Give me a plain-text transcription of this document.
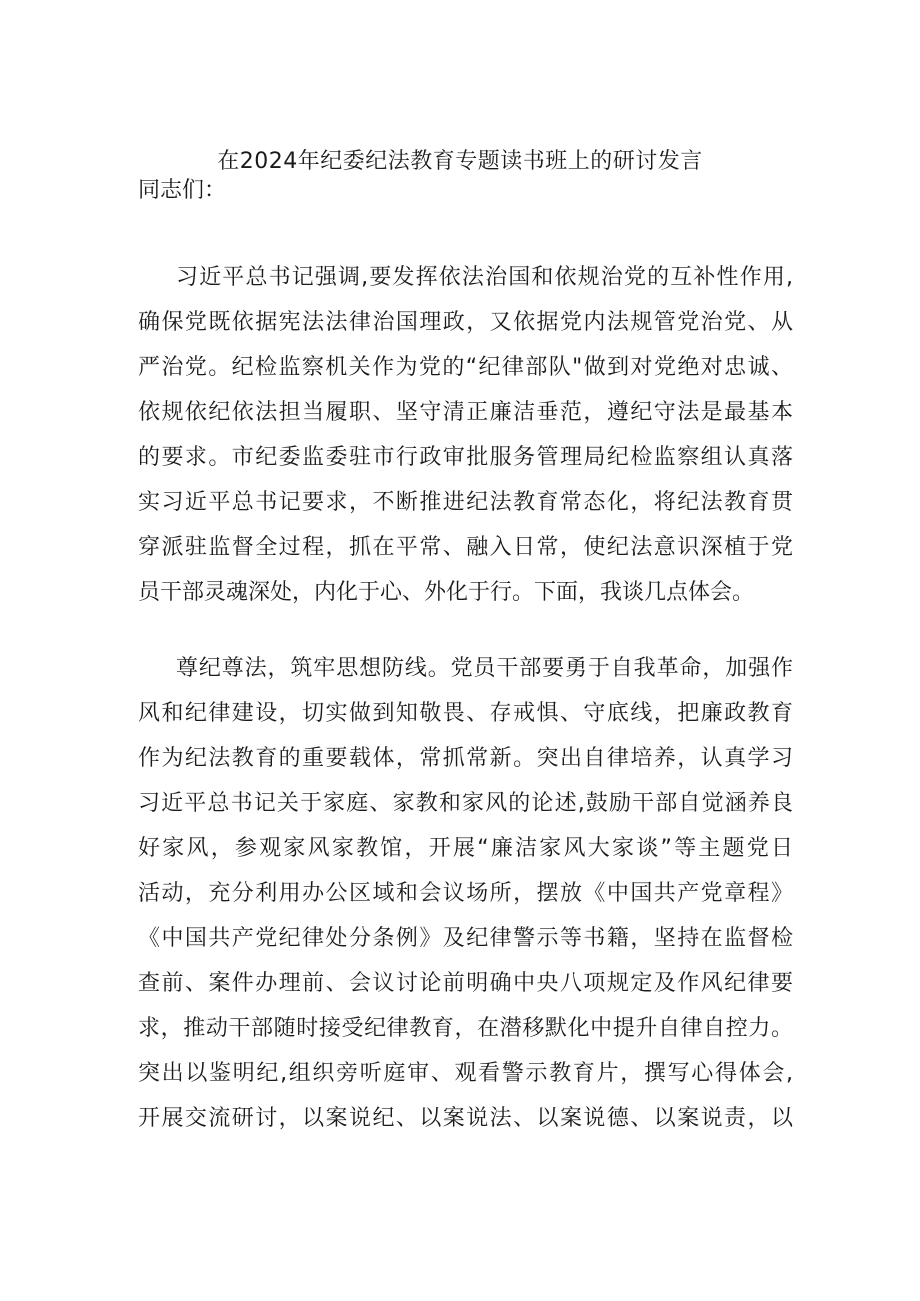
在2024年纪委纪法教育专题读书班上的研讨发言
同志们：
习近平总书记强调,要发挥依法治国和依规治党的互补性作用,
确保党既依据宪法法律治国理政，又依据党内法规管党治党、从
严治党。纪检监察机关作为党的“纪律部队"做到对党绝对忠诚、
依规依纪依法担当履职、坚守清正廉洁垂范，遵纪守法是最基本
的要求。市纪委监委驻市行政审批服务管理局纪检监察组认真落
实习近平总书记要求，不断推进纪法教育常态化，将纪法教育贯
穿派驻监督全过程，抓在平常、融入日常，使纪法意识深植于党
员干部灵魂深处，内化于心、外化于行。下面，我谈几点体会。
尊纪尊法，筑牢思想防线。党员干部要勇于自我革命，加强作
风和纪律建设，切实做到知敬畏、存戒惧、守底线，把廉政教育
作为纪法教育的重要载体，常抓常新。突出自律培养，认真学习
习近平总书记关于家庭、家教和家风的论述,鼓励干部自觉涵养良
好家风，参观家风家教馆，开展“廉洁家风大家谈”等主题党日
活动，充分利用办公区域和会议场所，摆放《中国共产党章程》
《中国共产党纪律处分条例》及纪律警示等书籍，坚持在监督检
查前、案件办理前、会议讨论前明确中央八项规定及作风纪律要
求，推动干部随时接受纪律教育，在潜移默化中提升自律自控力。
突出以鉴明纪,组织旁听庭审、观看警示教育片，撰写心得体会,
开展交流研讨，以案说纪、以案说法、以案说德、以案说责，以
